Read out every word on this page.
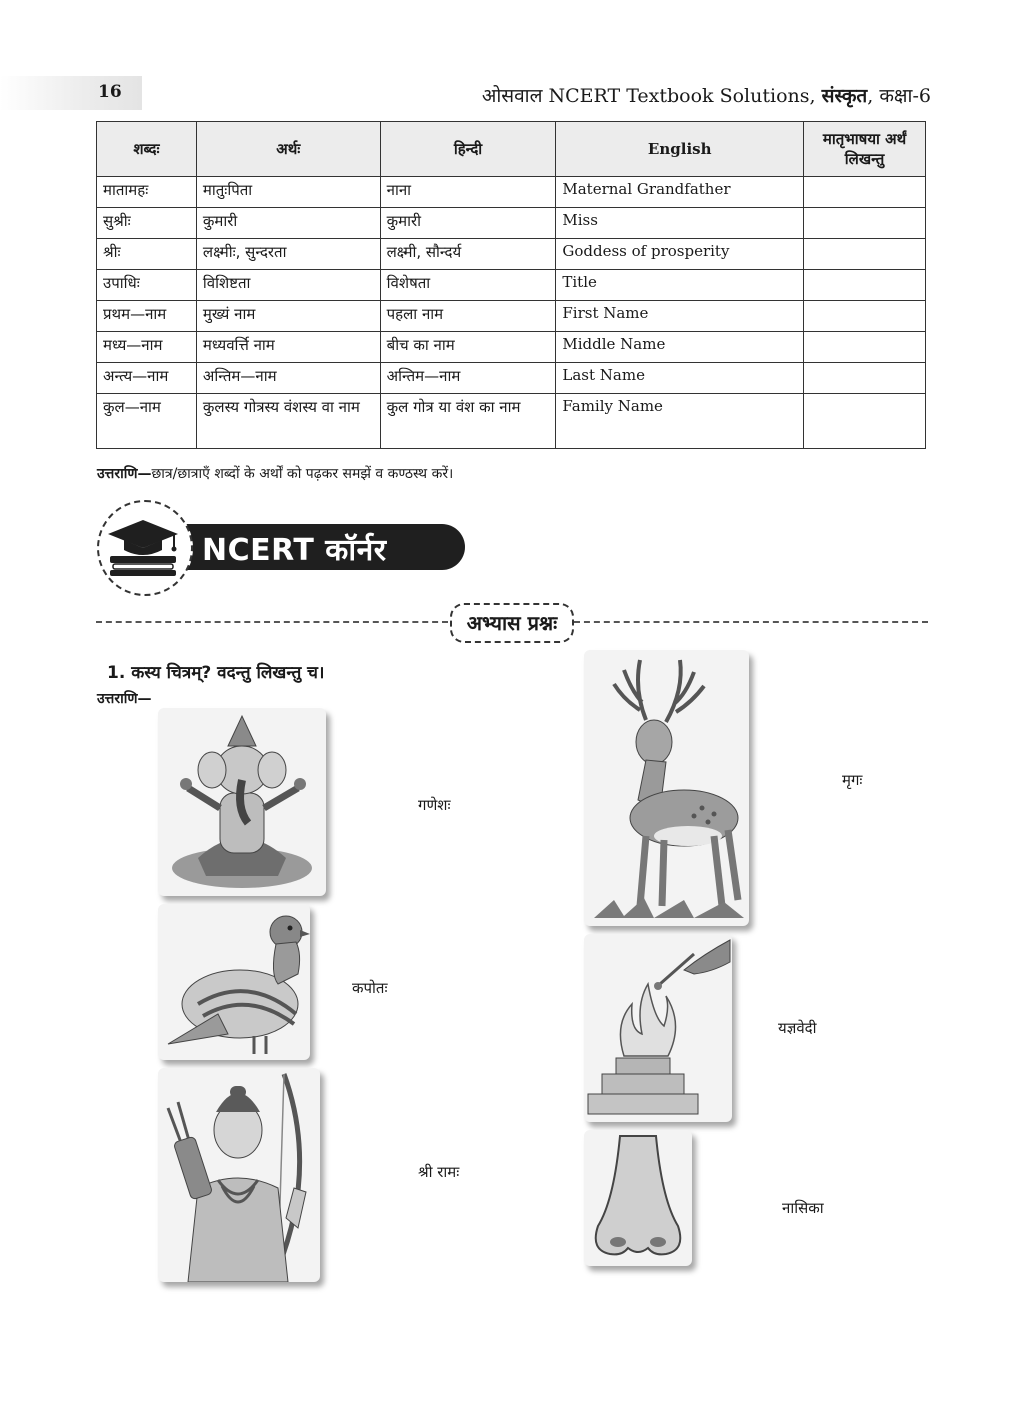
16	ओसवाल NCERT Textbook Solutions, संस्कृत, कक्षा-6
शब्दः	अर्थः	हिन्दी	English	मातृभाषया अर्थं लिखन्तु
मातामहः	मातुःपिता	नाना	Maternal Grandfather	
सुश्रीः	कुमारी	कुमारी	Miss	
श्रीः	लक्ष्मीः, सुन्दरता	लक्ष्मी, सौन्दर्य	Goddess of prosperity	
उपाधिः	विशिष्टता	विशेषता	Title	
प्रथम—नाम	मुख्यं नाम	पहला नाम	First Name	
मध्य—नाम	मध्यवर्त्ति नाम	बीच का नाम	Middle Name	
अन्त्य—नाम	अन्तिम—नाम	अन्तिम—नाम	Last Name	
कुल—नाम	कुलस्य गोत्रस्य वंशस्य वा नाम	कुल गोत्र या वंश का नाम	Family Name	
उत्तराणि—छात्र/छात्राएँ शब्दों के अर्थों को पढ़कर समझें व कण्ठस्थ करें।
NCERT कॉर्नर
अभ्यास प्रश्नः
1. कस्य चित्रम्? वदन्तु लिखन्तु च।
उत्तराणि—
गणेशः
कपोतः
श्री रामः
मृगः
यज्ञवेदी
नासिका
